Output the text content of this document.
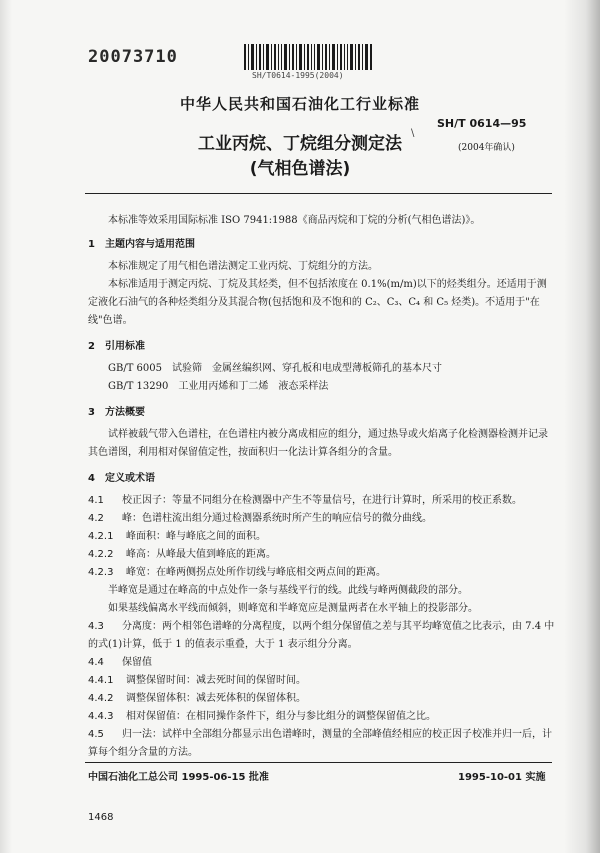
20073710
SH/T0614-1995(2004)
中华人民共和国石油化工行业标准
工业丙烷、丁烷组分测定法
(气相色谱法)
\
SH/T 0614—95
(2004年确认)

本标准等效采用国际标准 ISO 7941:1988《商品丙烷和丁烷的分析(气相色谱法)》。

1　主题内容与适用范围

本标准规定了用气相色谱法测定工业丙烷、丁烷组分的方法。

本标准适用于测定丙烷、丁烷及其烃类，但不包括浓度在 0.1%(m/m)以下的烃类组分。还适用于测定液化石油气的各种烃类组分及其混合物(包括饱和及不饱和的 C₂、C₃、C₄ 和 C₅ 烃类)。不适用于"在线"色谱。

2　引用标准

GB/T 6005　试验筛　金属丝编织网、穿孔板和电成型薄板筛孔的基本尺寸

GB/T 13290　工业用丙烯和丁二烯　液态采样法

3　方法概要

试样被载气带入色谱柱，在色谱柱内被分离成相应的组分，通过热导或火焰离子化检测器检测并记录其色谱图，利用相对保留值定性，按面积归一化法计算各组分的含量。

4　定义或术语

4.1 校正因子：等量不同组分在检测器中产生不等量信号，在进行计算时，所采用的校正系数。

4.2 峰：色谱柱流出组分通过检测器系统时所产生的响应信号的微分曲线。

4.2.1 峰面积：峰与峰底之间的面积。

4.2.2 峰高：从峰最大值到峰底的距离。

4.2.3 峰宽：在峰两侧拐点处所作切线与峰底相交两点间的距离。

半峰宽是通过在峰高的中点处作一条与基线平行的线。此线与峰两侧截段的部分。

如果基线偏离水平线而倾斜，则峰宽和半峰宽应是测量两者在水平轴上的投影部分。

4.3 分离度：两个相邻色谱峰的分离程度，以两个组分保留值之差与其平均峰宽值之比表示，由 7.4 中的式(1)计算，低于 1 的值表示重叠，大于 1 表示组分分离。

4.4 保留值

4.4.1 调整保留时间：减去死时间的保留时间。

4.4.2 调整保留体积：减去死体积的保留体积。

4.4.3 相对保留值：在相同操作条件下，组分与参比组分的调整保留值之比。

4.5 归一法：试样中全部组分都显示出色谱峰时，测量的全部峰值经相应的校正因子校准并归一后，计算每个组分含量的方法。

中国石油化工总公司 1995-06-15 批准	1995-10-01 实施
1468
